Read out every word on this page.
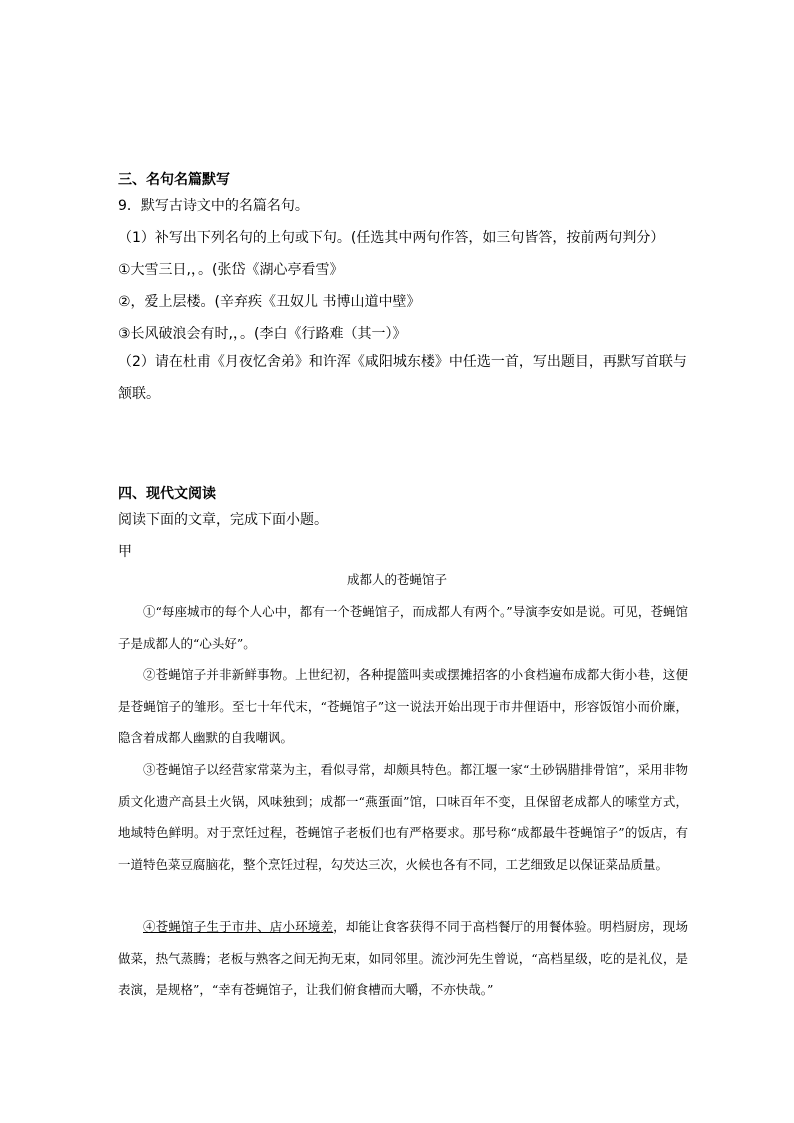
三、名句名篇默写
9．默写古诗文中的名篇名句。
（1）补写出下列名句的上句或下句。(任选其中两句作答，如三句皆答，按前两句判分）
①大雪三日,，。(张岱《湖心亭看雪》
②，爱上层楼。(辛弃疾《丑奴儿 书博山道中壁》
③长风破浪会有时,，。(李白《行路难（其一）》
（2）请在杜甫《月夜忆舍弟》和许浑《咸阳城东楼》中任选一首，写出题目，再默写首联与颔联。
四、现代文阅读
阅读下面的文章，完成下面小题。
甲
成都人的苍蝇馆子
①“每座城市的每个人心中，都有一个苍蝇馆子，而成都人有两个。”导演李安如是说。可见，苍蝇馆子是成都人的“心头好”。
②苍蝇馆子并非新鲜事物。上世纪初，各种提篮叫卖或摆摊招客的小食档遍布成都大街小巷，这便是苍蝇馆子的雏形。至七十年代末，“苍蝇馆子”这一说法开始出现于市井俚语中，形容饭馆小而价廉，隐含着成都人幽默的自我嘲讽。
③苍蝇馆子以经营家常菜为主，看似寻常，却颇具特色。都江堰一家“土砂锅腊排骨馆”，采用非物质文化遗产高县土火锅，风味独到；成都一“燕蛋面”馆，口味百年不变，且保留老成都人的嗦堂方式，地域特色鲜明。对于烹饪过程，苍蝇馆子老板们也有严格要求。那号称“成都最牛苍蝇馆子”的饭店，有一道特色菜豆腐脑花，整个烹饪过程，勾芡达三次，火候也各有不同，工艺细致足以保证菜品质量。
④苍蝇馆子生于市井、店小环境差，却能让食客获得不同于高档餐厅的用餐体验。明档厨房，现场做菜，热气蒸腾；老板与熟客之间无拘无束，如同邻里。流沙河先生曾说，“高档星级，吃的是礼仪，是表演，是规格”，“幸有苍蝇馆子，让我们俯食槽而大嚼，不亦快哉。”
